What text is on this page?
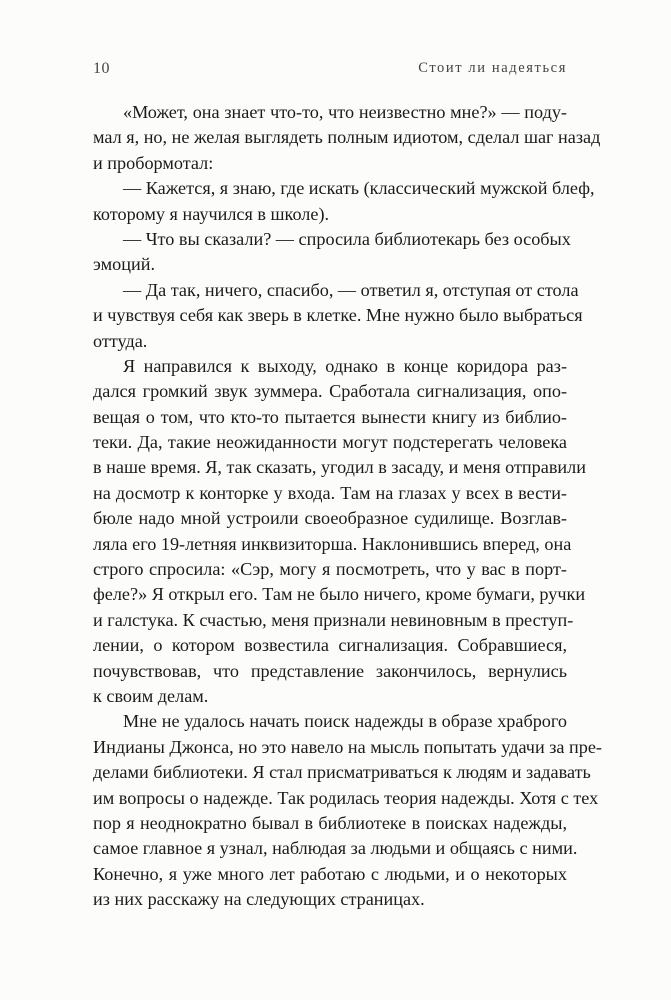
10	Стоит ли надеяться
«Может, она знает что-то, что неизвестно мне?» — поду-
мал я, но, не желая выглядеть полным идиотом, сделал шаг назад
и пробормотал:
— Кажется, я знаю, где искать (классический мужской блеф,
которому я научился в школе).
— Что вы сказали? — спросила библиотекарь без особых
эмоций.
— Да так, ничего, спасибо, — ответил я, отступая от стола
и чувствуя себя как зверь в клетке. Мне нужно было выбраться
оттуда.
Я направился к выходу, однако в конце коридора раз-
дался громкий звук зуммера. Сработала сигнализация, опо-
вещая о том, что кто-то пытается вынести книгу из библио-
теки. Да, такие неожиданности могут подстерегать человека
в наше время. Я, так сказать, угодил в засаду, и меня отправили
на досмотр к конторке у входа. Там на глазах у всех в вести-
бюле надо мной устроили своеобразное судилище. Возглав-
ляла его 19-летняя инквизиторша. Наклонившись вперед, она
строго спросила: «Сэр, могу я посмотреть, что у вас в порт-
феле?» Я открыл его. Там не было ничего, кроме бумаги, ручки
и галстука. К счастью, меня признали невиновным в преступ-
лении, о котором возвестила сигнализация. Собравшиеся,
почувствовав, что представление закончилось, вернулись
к своим делам.
Мне не удалось начать поиск надежды в образе храброго
Индианы Джонса, но это навело на мысль попытать удачи за пре-
делами библиотеки. Я стал присматриваться к людям и задавать
им вопросы о надежде. Так родилась теория надежды. Хотя с тех
пор я неоднократно бывал в библиотеке в поисках надежды,
самое главное я узнал, наблюдая за людьми и общаясь с ними.
Конечно, я уже много лет работаю с людьми, и о некоторых
из них расскажу на следующих страницах.
